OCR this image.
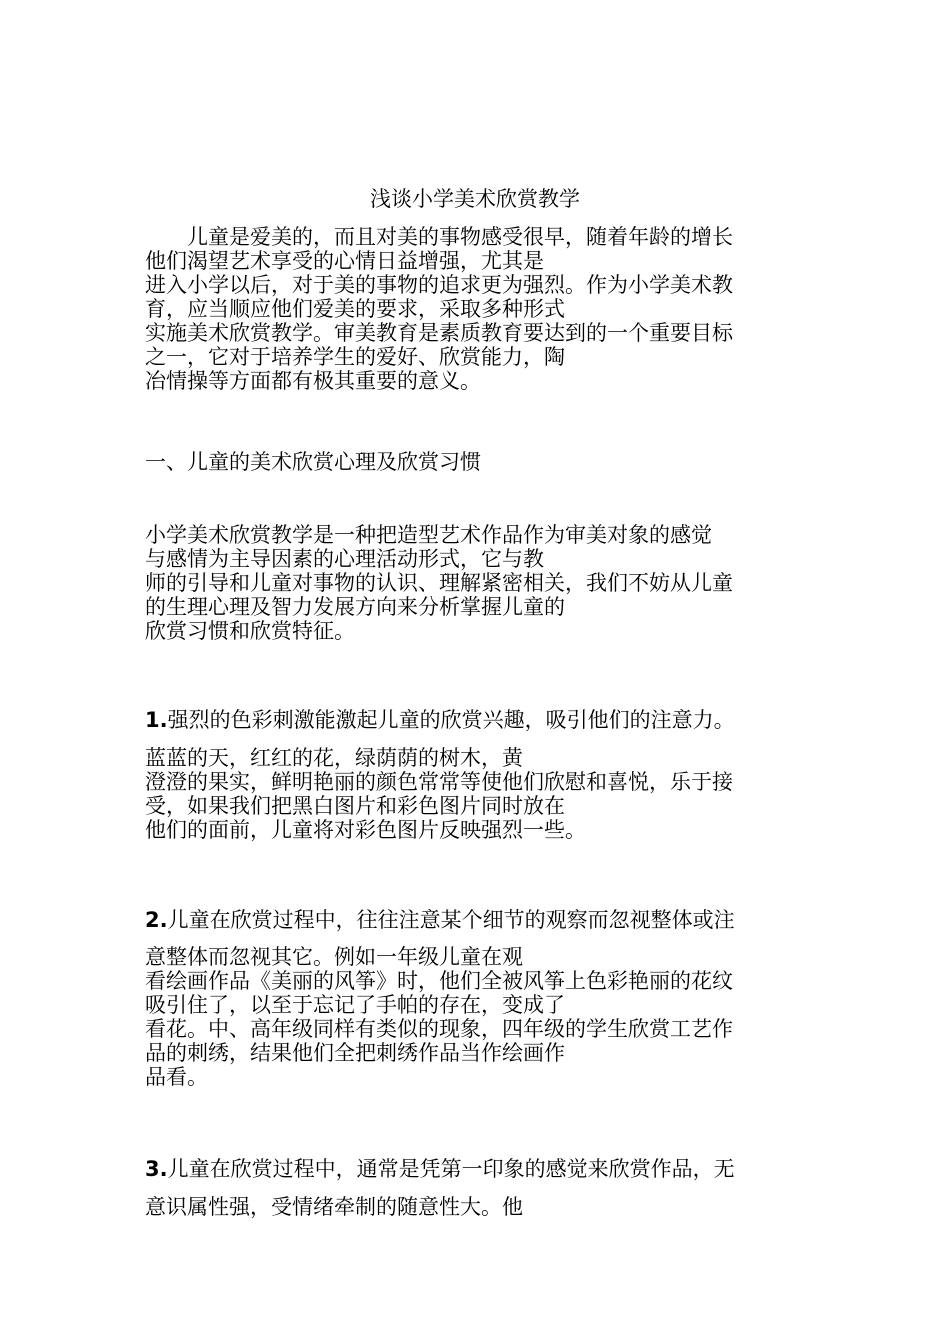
浅谈小学美术欣赏教学
　　儿童是爱美的，而且对美的事物感受很早，随着年龄的增长
他们渴望艺术享受的心情日益增强，尤其是
进入小学以后，对于美的事物的追求更为强烈。作为小学美术教
育，应当顺应他们爱美的要求，采取多种形式
实施美术欣赏教学。审美教育是素质教育要达到的一个重要目标
之一，它对于培养学生的爱好、欣赏能力，陶
冶情操等方面都有极其重要的意义。
一、儿童的美术欣赏心理及欣赏习惯
小学美术欣赏教学是一种把造型艺术作品作为审美对象的感觉
与感情为主导因素的心理活动形式，它与教
师的引导和儿童对事物的认识、理解紧密相关，我们不妨从儿童
的生理心理及智力发展方向来分析掌握儿童的
欣赏习惯和欣赏特征。
1.强烈的色彩刺激能激起儿童的欣赏兴趣，吸引他们的注意力。
蓝蓝的天，红红的花，绿荫荫的树木，黄
澄澄的果实，鲜明艳丽的颜色常常等使他们欣慰和喜悦，乐于接
受，如果我们把黑白图片和彩色图片同时放在
他们的面前，儿童将对彩色图片反映强烈一些。
2.儿童在欣赏过程中，往往注意某个细节的观察而忽视整体或注
意整体而忽视其它。例如一年级儿童在观
看绘画作品《美丽的风筝》时，他们全被风筝上色彩艳丽的花纹
吸引住了，以至于忘记了手帕的存在，变成了
看花。中、高年级同样有类似的现象，四年级的学生欣赏工艺作
品的刺绣，结果他们全把刺绣作品当作绘画作
品看。
3.儿童在欣赏过程中，通常是凭第一印象的感觉来欣赏作品，无
意识属性强，受情绪牵制的随意性大。他
